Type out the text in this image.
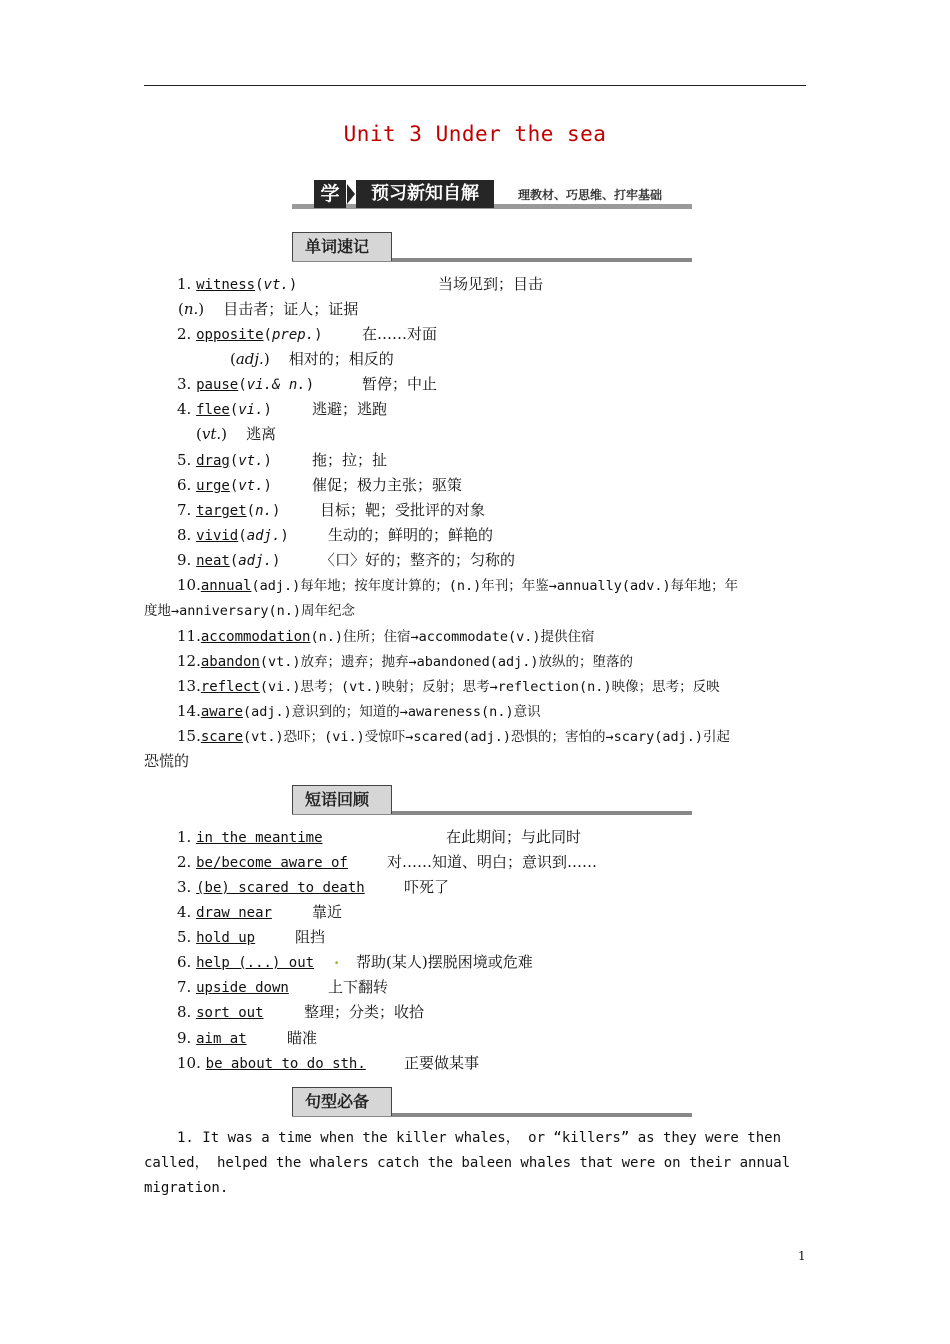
Unit 3 Under the sea
学	预习新知自解	理教材、巧思维、打牢基础
单词速记
1. witness(vt.)	当场见到；目击
(n.)    目击者；证人；证据
2. opposite(prep.)	在……对面
(adj.)    相对的；相反的
3. pause(vi.& n.)	暂停；中止
4. flee(vi.)	逃避；逃跑
(vt.)    逃离
5. drag(vt.)	拖；拉；扯
6. urge(vt.)	催促；极力主张；驱策
7. target(n.)	目标；靶；受批评的对象
8. vivid(adj.)	生动的；鲜明的；鲜艳的
9. neat(adj.)	〈口〉好的；整齐的；匀称的
10.annual(adj.)每年地；按年度计算的；(n.)年刊；年鉴→annually(adv.)每年地；年
度地→anniversary(n.)周年纪念
11.accommodation(n.)住所；住宿→accommodate(v.)提供住宿
12.abandon(vt.)放弃；遗弃；抛弃→abandoned(adj.)放纵的；堕落的
13.reflect(vi.)思考；(vt.)映射；反射；思考→reflection(n.)映像；思考；反映
14.aware(adj.)意识到的；知道的→awareness(n.)意识
15.scare(vt.)恐吓；(vi.)受惊吓→scared(adj.)恐惧的；害怕的→scary(adj.)引起
恐慌的
短语回顾
1. in the meantime	在此期间；与此同时
2. be/become aware of	对……知道、明白；意识到……
3. (be) scared to death	吓死了
4. draw near	靠近
5. hold up	阻挡
6. help (...) out . 帮助(某人)摆脱困境或危难
7. upside down	上下翻转
8. sort out	整理；分类；收拾
9. aim at	瞄准
10. be about to do sth.	正要做某事
句型必备
1. It was a time when the killer whales， or “killers” as they were then
called， helped the whalers catch the baleen whales that were on their annual
migration.
1
